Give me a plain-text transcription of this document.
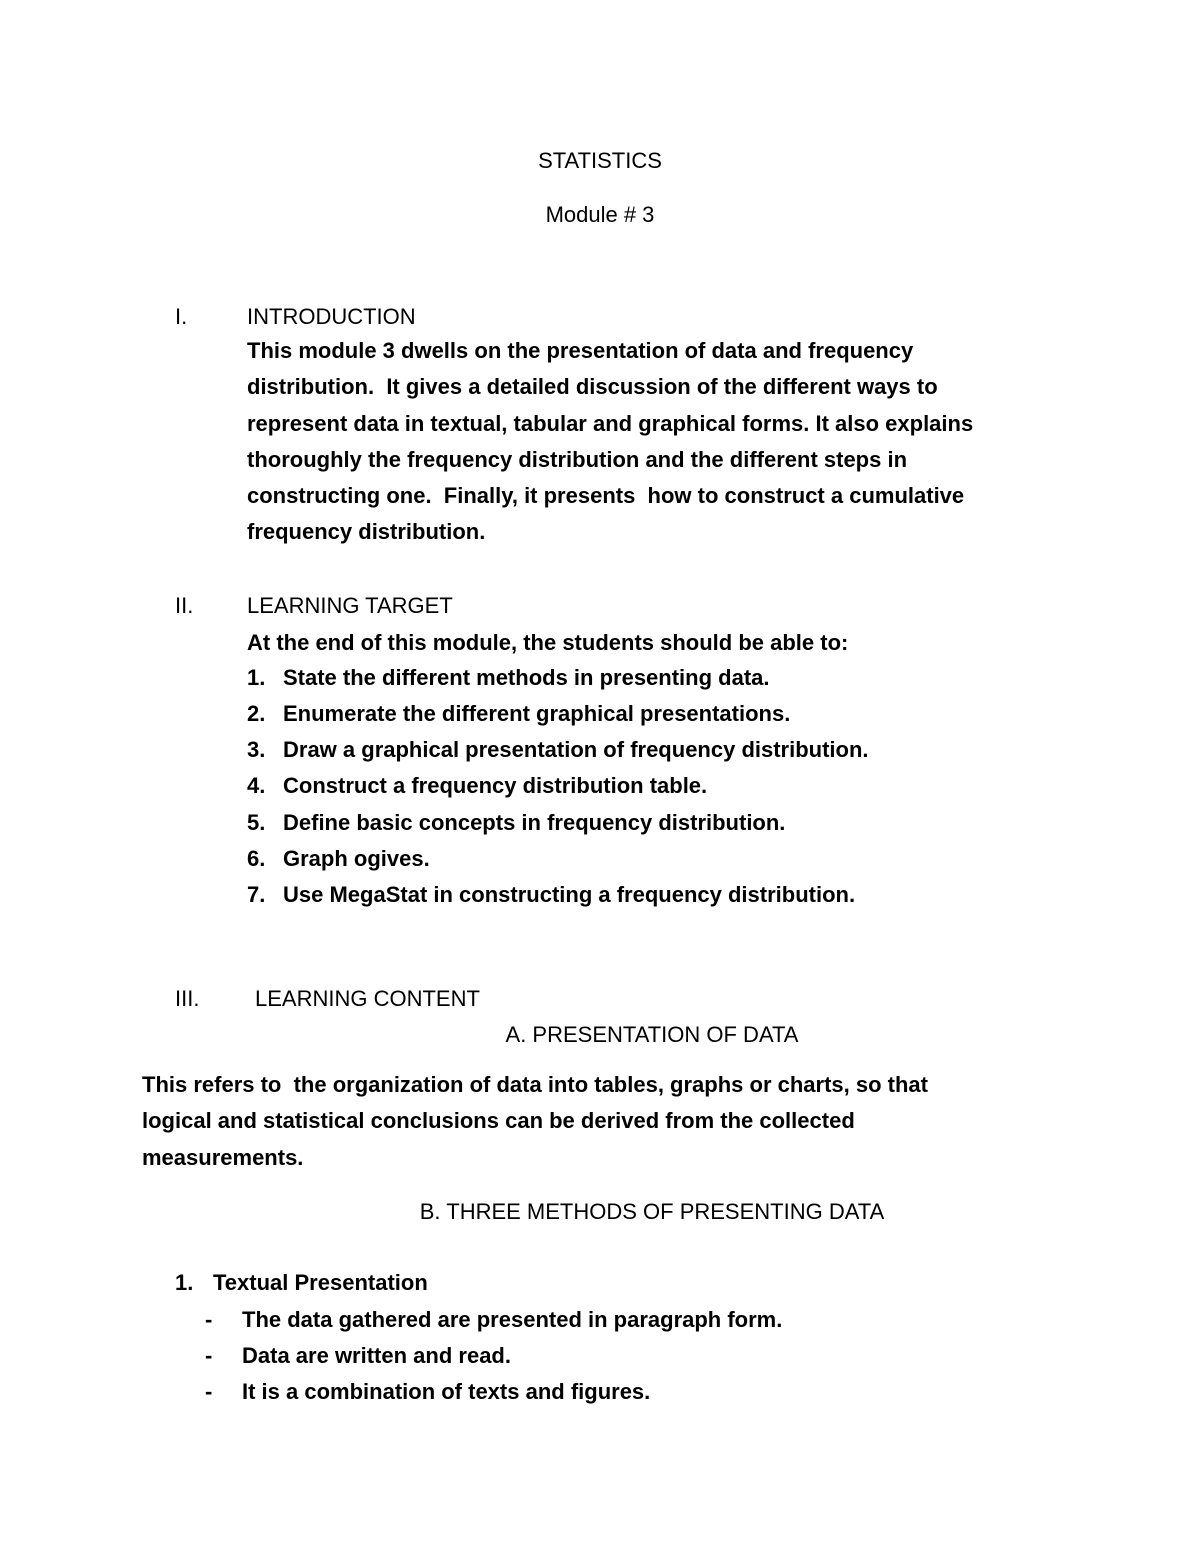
STATISTICS
Module # 3
I.	INTRODUCTION
This module 3 dwells on the presentation of data and frequency
distribution.  It gives a detailed discussion of the different ways to
represent data in textual, tabular and graphical forms. It also explains
thoroughly the frequency distribution and the different steps in
constructing one.  Finally, it presents  how to construct a cumulative
frequency distribution.
II. LEARNING TARGET
At the end of this module, the students should be able to:
1. State the different methods in presenting data.
2. Enumerate the different graphical presentations.
3. Draw a graphical presentation of frequency distribution.
4. Construct a frequency distribution table.
5. Define basic concepts in frequency distribution.
6. Graph ogives.
7. Use MegaStat in constructing a frequency distribution.
III.	LEARNING CONTENT
A. PRESENTATION OF DATA
This refers to  the organization of data into tables, graphs or charts, so that
logical and statistical conclusions can be derived from the collected
measurements.
B. THREE METHODS OF PRESENTING DATA
1. Textual Presentation
- The data gathered are presented in paragraph form.
- Data are written and read.
- It is a combination of texts and figures.
